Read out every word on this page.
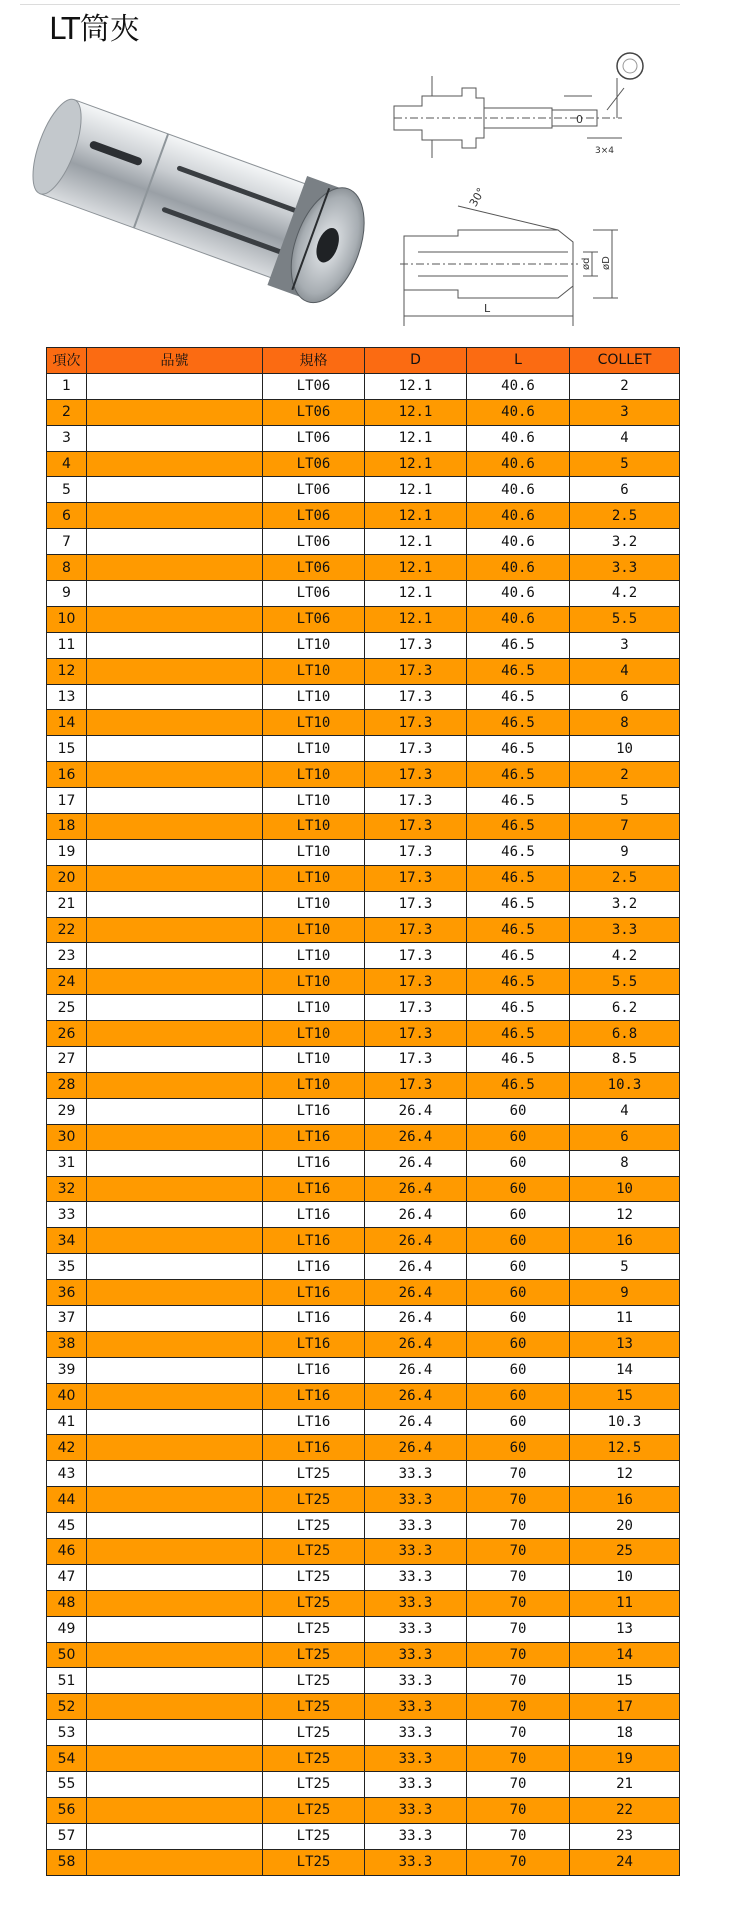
LT筒夾
0
3×4
30°
ød øD
L
項次	品號	規格	D	L	COLLET
1		LT06	12.1	40.6	2
2		LT06	12.1	40.6	3
3		LT06	12.1	40.6	4
4		LT06	12.1	40.6	5
5		LT06	12.1	40.6	6
6		LT06	12.1	40.6	2.5
7		LT06	12.1	40.6	3.2
8		LT06	12.1	40.6	3.3
9		LT06	12.1	40.6	4.2
10		LT06	12.1	40.6	5.5
11		LT10	17.3	46.5	3
12		LT10	17.3	46.5	4
13		LT10	17.3	46.5	6
14		LT10	17.3	46.5	8
15		LT10	17.3	46.5	10
16		LT10	17.3	46.5	2
17		LT10	17.3	46.5	5
18		LT10	17.3	46.5	7
19		LT10	17.3	46.5	9
20		LT10	17.3	46.5	2.5
21		LT10	17.3	46.5	3.2
22		LT10	17.3	46.5	3.3
23		LT10	17.3	46.5	4.2
24		LT10	17.3	46.5	5.5
25		LT10	17.3	46.5	6.2
26		LT10	17.3	46.5	6.8
27		LT10	17.3	46.5	8.5
28		LT10	17.3	46.5	10.3
29		LT16	26.4	60	4
30		LT16	26.4	60	6
31		LT16	26.4	60	8
32		LT16	26.4	60	10
33		LT16	26.4	60	12
34		LT16	26.4	60	16
35		LT16	26.4	60	5
36		LT16	26.4	60	9
37		LT16	26.4	60	11
38		LT16	26.4	60	13
39		LT16	26.4	60	14
40		LT16	26.4	60	15
41		LT16	26.4	60	10.3
42		LT16	26.4	60	12.5
43		LT25	33.3	70	12
44		LT25	33.3	70	16
45		LT25	33.3	70	20
46		LT25	33.3	70	25
47		LT25	33.3	70	10
48		LT25	33.3	70	11
49		LT25	33.3	70	13
50		LT25	33.3	70	14
51		LT25	33.3	70	15
52		LT25	33.3	70	17
53		LT25	33.3	70	18
54		LT25	33.3	70	19
55		LT25	33.3	70	21
56		LT25	33.3	70	22
57		LT25	33.3	70	23
58		LT25	33.3	70	24
